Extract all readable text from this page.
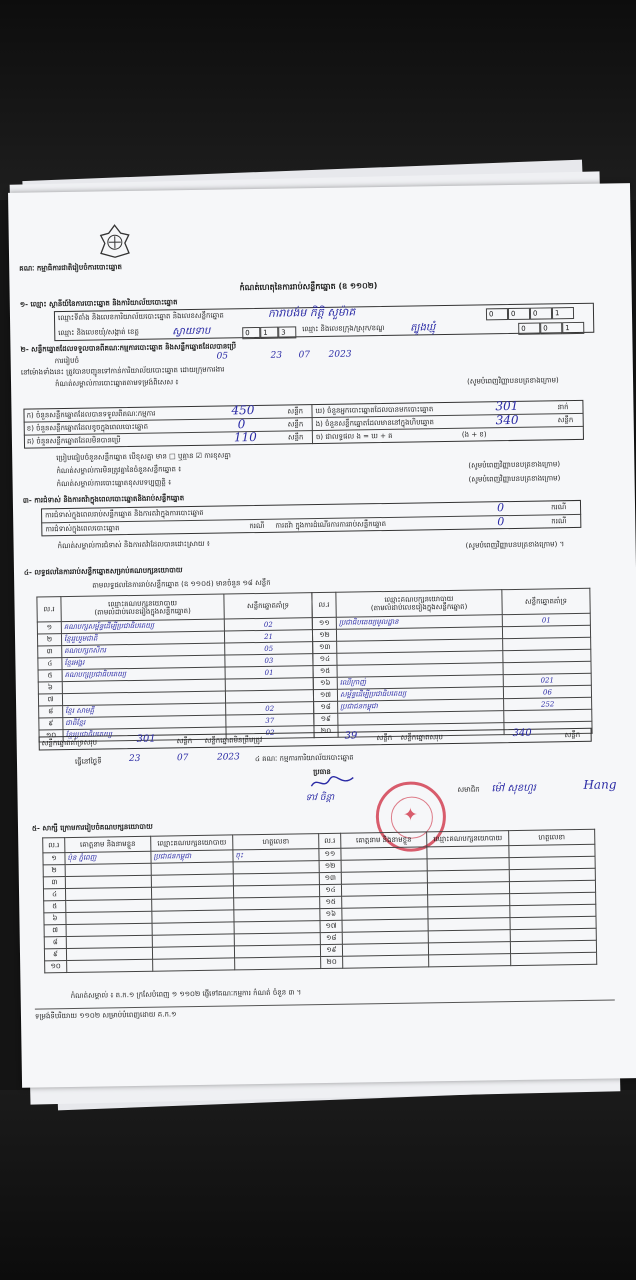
គណៈ កម្មាធិការជាតិរៀបចំការបោះឆ្នោត
កំណត់ហេតុនៃការរាប់សន្លឹកឆ្នោត (ឧ ១១០២)
១- ឈ្មោះ ស្ថានីយ៍នៃការបោះឆ្នោត និងការិយាល័យបោះឆ្នោត
ឈ្មោះទីតាំង និងលេខការិយាល័យបោះឆ្នោត និងលេខសន្លឹកឆ្នោត	ការាបង់ម កិត្តិ សួម៉ាគ	0 0 0 1
ឈ្មោះ និងលេខឃុំ/សង្កាត់ ខេត្ត	ស្វាយទាប	0 1 3	ឈ្មោះ និងលេខក្រុង/ស្រុក/ខណ្ឌ	ត្បូងឃ្មុំ	0 0 1
២- សន្លឹកឆ្នោតដែលទទួលបានពីគណៈកម្មការបោះឆ្នោត និងសន្លឹកឆ្នោតដែលបានប្រើ
ការរៀបចំ	05	23 07 2023
នៅម៉ោងទាំងនេះ ត្រូវបានបញ្ជូនទៅកាន់ការិយាល័យបោះឆ្នោត ដោយក្រុមការងារ
កំណត់សម្គាល់ការបោះឆ្នោតតាមទម្រង់ពិសេស ៖	(សូមបំពេញវិញ្ញាបនបត្រខាងក្រោម)
ក) ចំនួនសន្លឹកឆ្នោតដែលបានទទួលពីគណៈកម្មការ	450	សន្លឹក
ខ) ចំនួនសន្លឹកឆ្នោតដែលខូចក្នុងពេលបោះឆ្នោត	0	សន្លឹក
គ) ចំនួនសន្លឹកឆ្នោតដែលមិនបានប្រើ	110	សន្លឹក
ឃ) ចំនួនអ្នកបោះឆ្នោតដែលបានមកបោះឆ្នោត	301	នាក់
ង) ចំនួនសន្លឹកឆ្នោតដែលមាននៅក្នុងហិបឆ្នោត	340	សន្លឹក
ច) ជាលទ្ធផល ង = ឃ + គ	(ង + ខ)
ប្រៀបធៀបចំនួនសន្លឹកឆ្នោត បើខុសគ្នា មាន □ ឬគ្មាន ☑ ការខុសគ្នា
កំណត់សម្គាល់ការមិនត្រូវគ្នានៃចំនួនសន្លឹកឆ្នោត ៖
(សូមបំពេញវិញ្ញាបនបត្រខាងក្រោម)
កំណត់សម្គាល់ការបោះឆ្នោតខុសបទប្បញ្ញត្តិ ៖	(សូមបំពេញវិញ្ញាបនបត្រខាងក្រោម)
៣- ការជំទាស់ និងការតវ៉ាក្នុងពេលបោះឆ្នោតនិងរាប់សន្លឹកឆ្នោត
ការជំទាស់ក្នុងពេលរាប់សន្លឹកឆ្នោត និងការតវ៉ាក្នុងការបោះឆ្នោត	0	ករណី
ការជំទាស់ក្នុងពេលបោះឆ្នោត	ករណី ការតវ៉ា ក្នុងការដំណើរការការរាប់សន្លឹកឆ្នោត	0	ករណី
កំណត់សម្គាល់ការជំទាស់ និងការតវ៉ាដែលបានដោះស្រាយ ៖	(សូមបំពេញវិញ្ញាបនបត្រខាងក្រោម) ។
៤- លទ្ធផលនៃការរាប់សន្លឹកឆ្នោតសម្រាប់គណបក្សនយោបាយ
តាមលទ្ធផលនៃការរាប់សន្លឹកឆ្នោត (ឧ ១១០៥) មានចំនួន ១៨ សន្លឹក
ល.រ	ឈ្មោះគណបក្សនយោបាយ
(តាមលំដាប់លេខរៀងក្នុងសន្លឹកឆ្នោត)	សន្លឹកឆ្នោតគាំទ្រ
១	គណបក្សសម្ព័ន្ធដើម្បីប្រជាធិបតេយ្យ	02
២	ខ្មែររួបរួមជាតិ	21
៣	គណបក្សកសិករ	05
៤	ខ្មែរអង្គរ	03
៥	គណបក្សប្រជាធិបតេយ្យ	01
៦		
៧		
៨	ខ្មែរ សាមគ្គី	02
៩	ជាតិខ្មែរ	37
១០	ខ្មែរប្រជាធិបតេយ្យ	02
ល.រ	ឈ្មោះគណបក្សនយោបាយ
(តាមលំដាប់លេខរៀងក្នុងសន្លឹកឆ្នោត)	សន្លឹកឆ្នោតគាំទ្រ
១១	ប្រជាធិបតេយ្យមូលដ្ឋាន	01
១២		
១៣		
១៤		
១៥		
១៦	ឈើក្រាញ់	021
១៧	សម្ព័ន្ធដើម្បីប្រជាធិបតេយ្យ	06
១៨	ប្រជាជនកម្ពុជា	252
១៩		
២០		
សន្លឹកឆ្នោតគាំទ្រសរុប	301	សន្លឹក សន្លឹកឆ្នោតមិនត្រឹមត្រូវ	39	សន្លឹក សន្លឹកឆ្នោតសរុប	340	សន្លឹក
ធ្វើនៅថ្ងៃទី	23	07	2023 ៤ គណៈ កម្មការការិយាល័យបោះឆ្នោត
ប្រធាន
ទាវ ចិន្តា
✦
សមាជិក ម៉ៅ សុខហួរ	Hang
៥- សាក្សី ក្រោមការរៀបចំគណបក្សនយោបាយ
ល.រ	គោត្តនាម និងនាមខ្លួន	ឈ្មោះគណបក្សនយោបាយ	ហត្ថលេខា	ល.រ	គោត្តនាម និងនាមខ្លួន	ឈ្មោះគណបក្សនយោបាយ	ហត្ថលេខា
១	ប៉ុន ភ្នំពេញ	ប្រជាជនកម្ពុជា	ចុះ	១១			
២				១២			
៣				១៣			
៤				១៤			
៥				១៥			
៦				១៦			
៧				១៧			
៨				១៨			
៩				១៩			
១០				២០			
កំណត់សម្គាល់ ៖ ត.ក.១ ក្រសែបំពេញ ១ ១១០២ ផ្ញើទៅគណៈកម្មការ កំណត់ ចំនួន ៣ ។
ទម្រង់ទីបរិយាយ ១១០២ សម្រាប់បំពេញដោយ គ.ក.១
